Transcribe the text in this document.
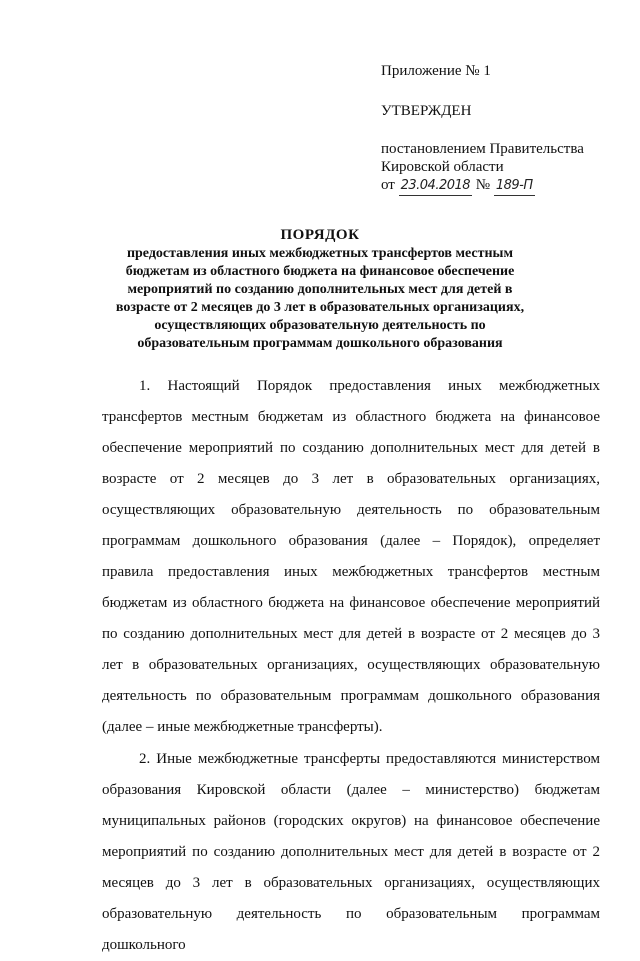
Приложение № 1
УТВЕРЖДЕН
постановлением Правительства
Кировской области
от 23.04.2018 № 189-П
ПОРЯДОК
предоставления иных межбюджетных трансфертов местным бюджетам из областного бюджета на финансовое обеспечение мероприятий по созданию дополнительных мест для детей в возрасте от 2 месяцев до 3 лет в образовательных организациях, осуществляющих образовательную деятельность по образовательным программам дошкольного образования

1. Настоящий Порядок предоставления иных межбюджетных трансфертов местным бюджетам из областного бюджета на финансовое обеспечение мероприятий по созданию дополнительных мест для детей в возрасте от 2 месяцев до 3 лет в образовательных организациях, осуществляющих образовательную деятельность по образовательным программам дошкольного образования (далее – Порядок), определяет правила предоставления иных межбюджетных трансфертов местным бюджетам из областного бюджета на финансовое обеспечение мероприятий по созданию дополнительных мест для детей в возрасте от 2 месяцев до 3 лет в образовательных организациях, осуществляющих образовательную деятельность по образовательным программам дошкольного образования (далее – иные межбюджетные трансферты).

2. Иные межбюджетные трансферты предоставляются министерством образования Кировской области (далее – министерство) бюджетам муниципальных районов (городских округов) на финансовое обеспечение мероприятий по созданию дополнительных мест для детей в возрасте от 2 месяцев до 3 лет в образовательных организациях, осуществляющих образовательную деятельность по образовательным программам дошкольного
